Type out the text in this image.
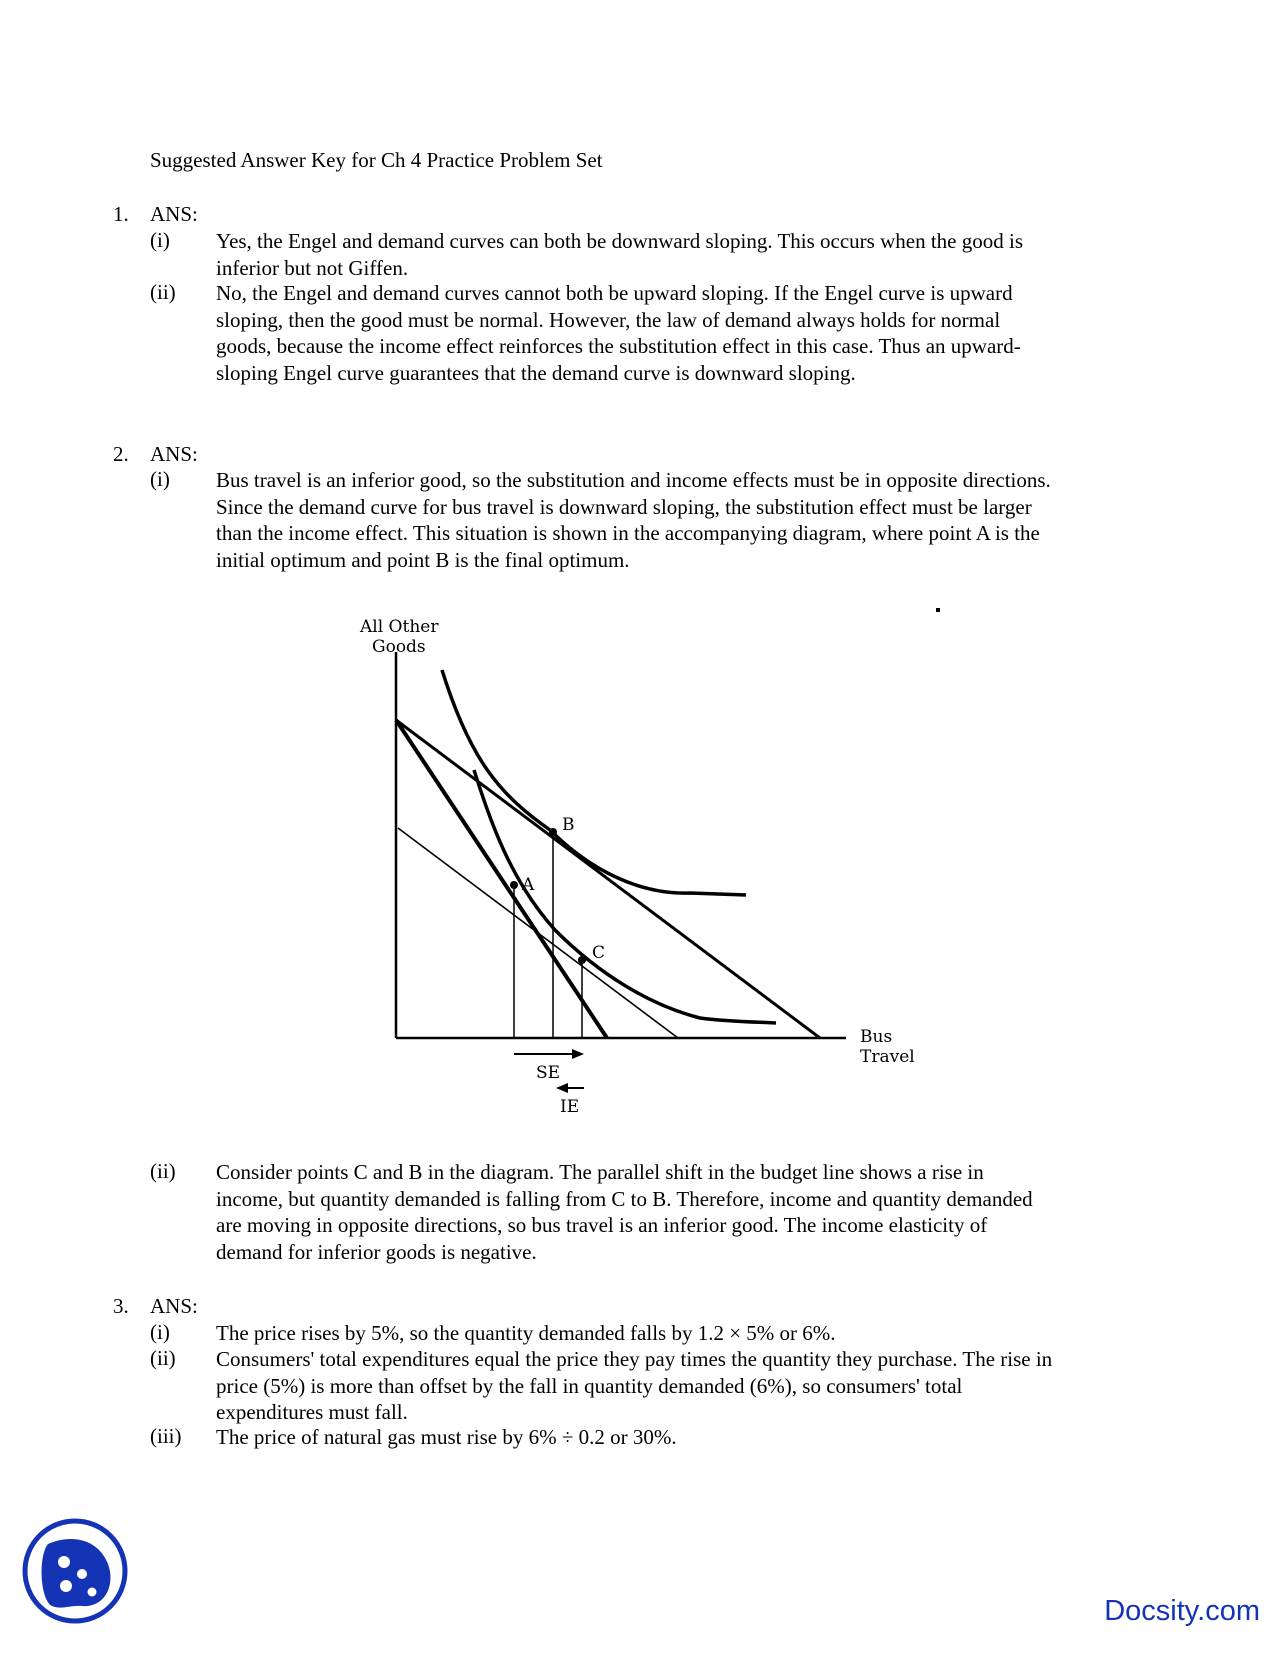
Suggested Answer Key for Ch 4 Practice Problem Set
1. ANS:
(i) Yes, the Engel and demand curves can both be downward sloping. This occurs when the good is inferior but not Giffen.
(ii) No, the Engel and demand curves cannot both be upward sloping. If the Engel curve is upward sloping, then the good must be normal. However, the law of demand always holds for normal goods, because the income effect reinforces the substitution effect in this case. Thus an upward-sloping Engel curve guarantees that the demand curve is downward sloping.
2. ANS:
(i) Bus travel is an inferior good, so the substitution and income effects must be in opposite directions. Since the demand curve for bus travel is downward sloping, the substitution effect must be larger than the income effect. This situation is shown in the accompanying diagram, where point A is the initial optimum and point B is the final optimum.
All Other
Goods
Bus
Travel
A
B
C
SE
IE
(ii) Consider points C and B in the diagram. The parallel shift in the budget line shows a rise in income, but quantity demanded is falling from C to B. Therefore, income and quantity demanded are moving in opposite directions, so bus travel is an inferior good. The income elasticity of demand for inferior goods is negative.
3. ANS:
(i) The price rises by 5%, so the quantity demanded falls by 1.2 × 5% or 6%.
(ii) Consumers' total expenditures equal the price they pay times the quantity they purchase. The rise in price (5%) is more than offset by the fall in quantity demanded (6%), so consumers' total expenditures must fall.
(iii) The price of natural gas must rise by 6% ÷ 0.2 or 30%.
Docsity.com
